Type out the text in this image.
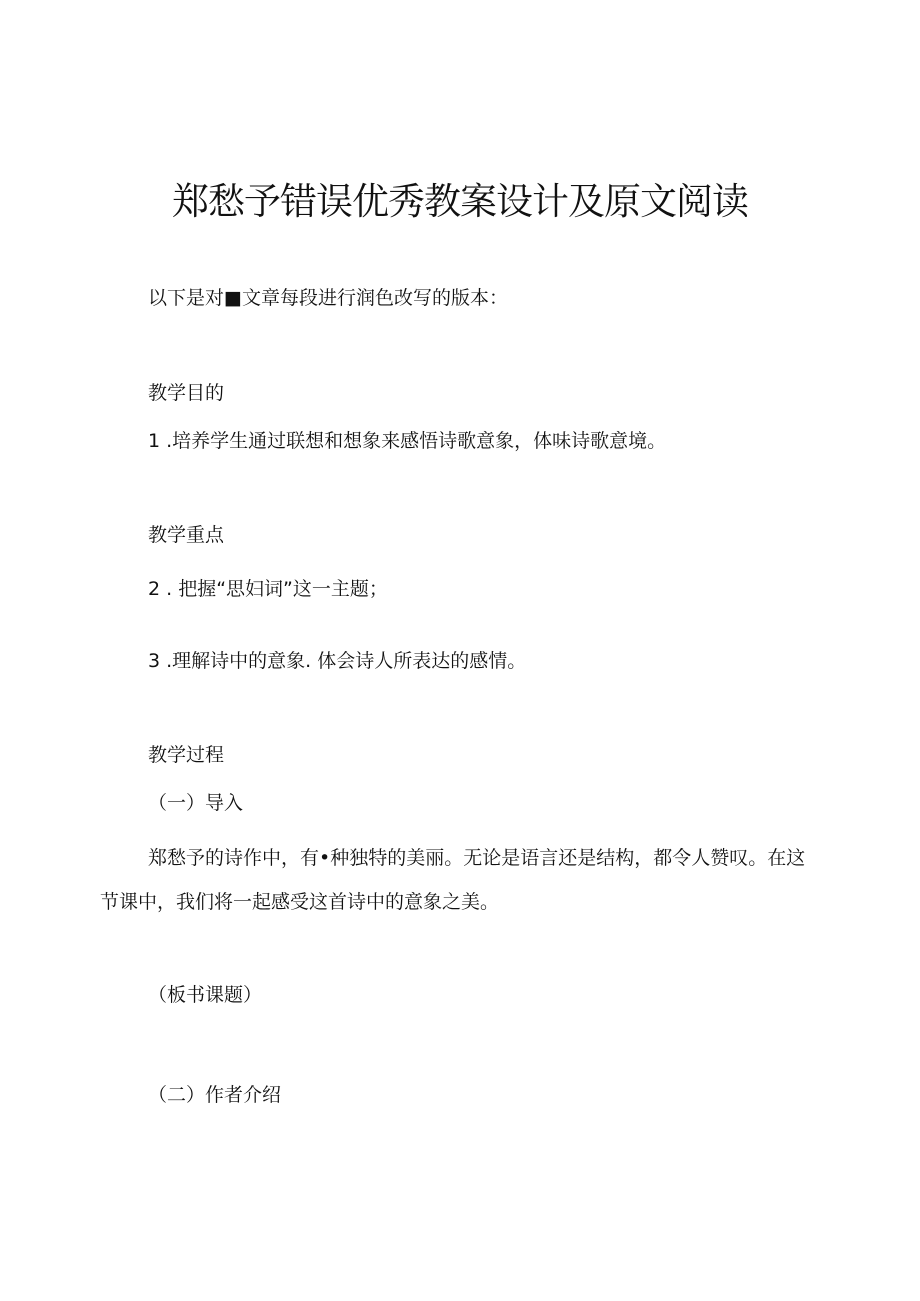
郑愁予错误优秀教案设计及原文阅读
以下是对■文章每段进行润色改写的版本：
教学目的
1 .培养学生通过联想和想象来感悟诗歌意象，体味诗歌意境。
教学重点
2 . 把握“思妇词”这一主题；
3 .理解诗中的意象. 体会诗人所表达的感情。
教学过程
（一）导入
郑愁予的诗作中，有•种独特的美丽。无论是语言还是结构，都令人赞叹。在这节课中，我们将一起感受这首诗中的意象之美。
（板书课题）
（二）作者介绍
